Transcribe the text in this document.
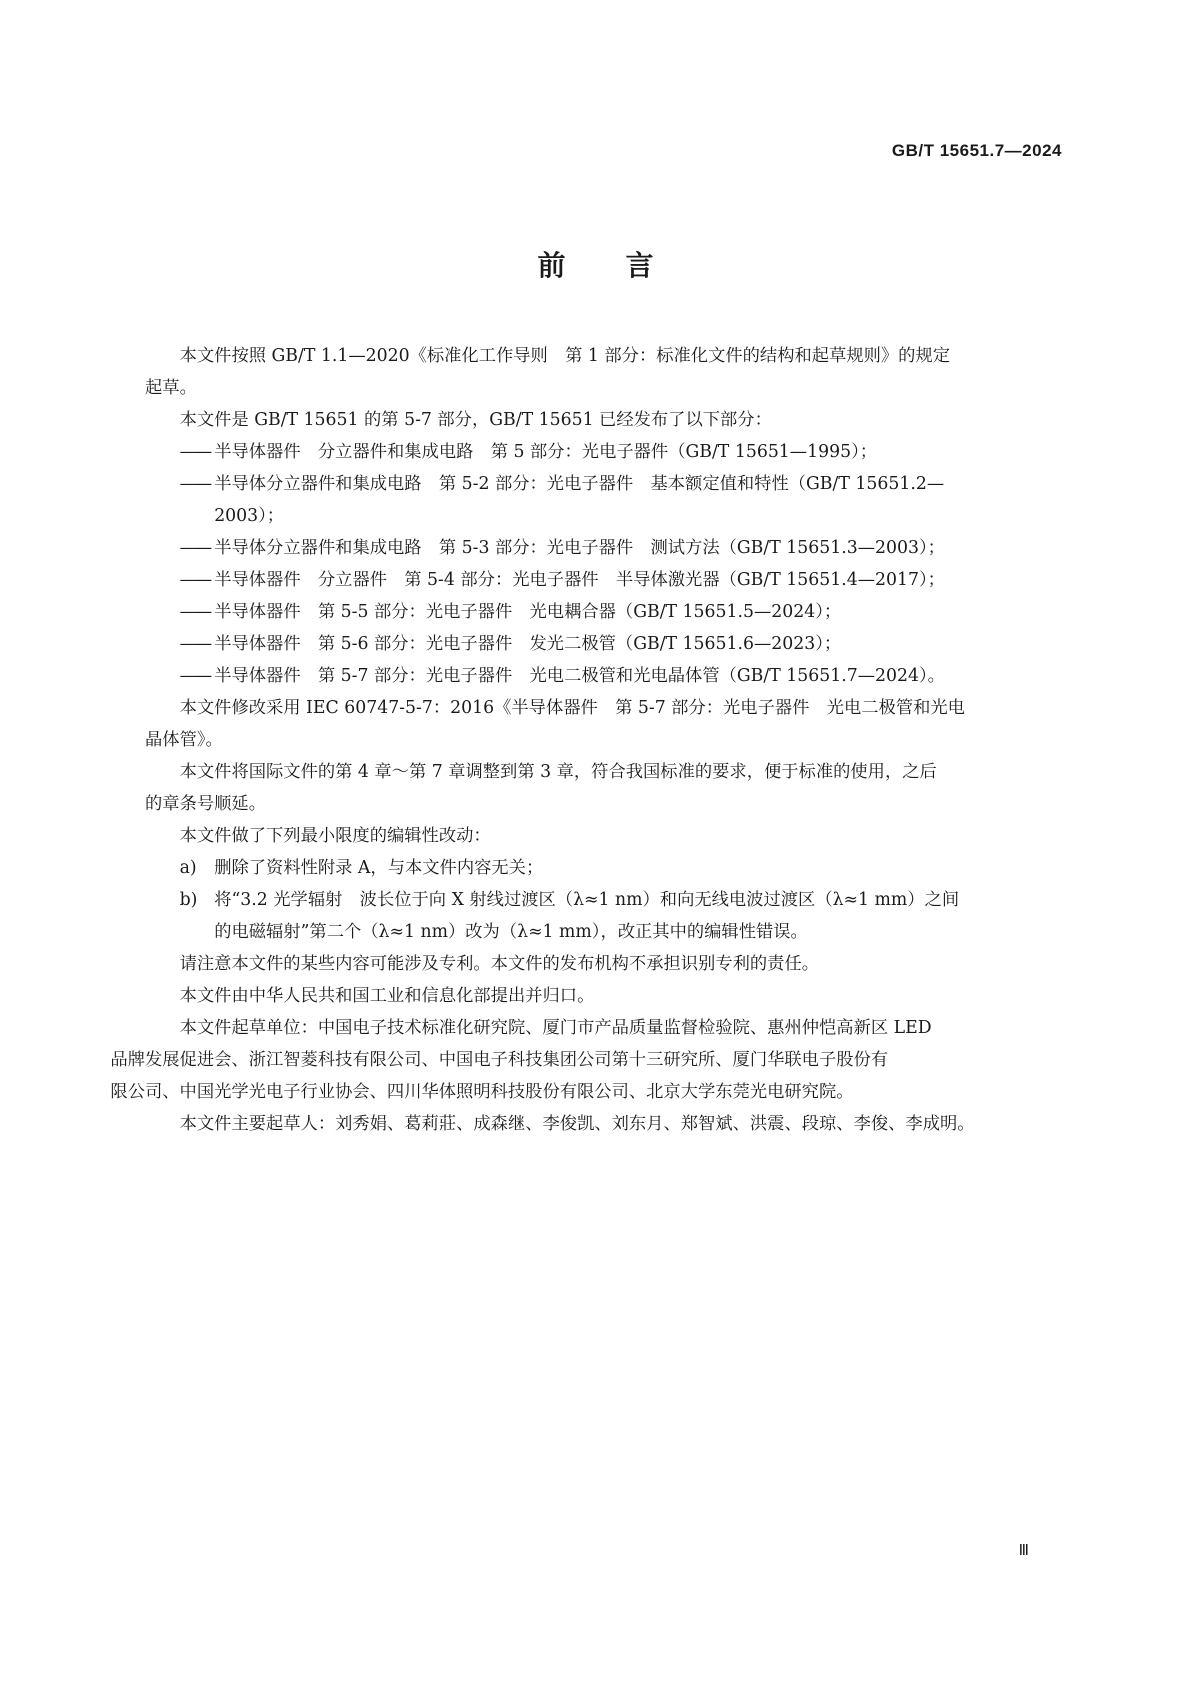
GB/T 15651.7—2024
前言
本文件按照 GB/T 1.1—2020《标准化工作导则　第 1 部分：标准化文件的结构和起草规则》的规定
起草。
本文件是 GB/T 15651 的第 5-7 部分，GB/T 15651 已经发布了以下部分：
—— 半导体器件　分立器件和集成电路　第 5 部分：光电子器件（GB/T 15651—1995）；
—— 半导体分立器件和集成电路　第 5-2 部分：光电子器件　基本额定值和特性（GB/T 15651.2—
2003）；
—— 半导体分立器件和集成电路　第 5-3 部分：光电子器件　测试方法（GB/T 15651.3—2003）；
—— 半导体器件　分立器件　第 5-4 部分：光电子器件　半导体激光器（GB/T 15651.4—2017）；
—— 半导体器件　第 5-5 部分：光电子器件　光电耦合器（GB/T 15651.5—2024）；
—— 半导体器件　第 5-6 部分：光电子器件　发光二极管（GB/T 15651.6—2023）；
—— 半导体器件　第 5-7 部分：光电子器件　光电二极管和光电晶体管（GB/T 15651.7—2024）。
本文件修改采用 IEC 60747-5-7：2016《半导体器件　第 5-7 部分：光电子器件　光电二极管和光电
晶体管》。
本文件将国际文件的第 4 章～第 7 章调整到第 3 章，符合我国标准的要求，便于标准的使用，之后
的章条号顺延。
本文件做了下列最小限度的编辑性改动：
a) 删除了资料性附录 A，与本文件内容无关；
b) 将“3.2 光学辐射　波长位于向 X 射线过渡区（λ≈1 nm）和向无线电波过渡区（λ≈1 mm）之间
的电磁辐射”第二个（λ≈1 nm）改为（λ≈1 mm），改正其中的编辑性错误。
请注意本文件的某些内容可能涉及专利。本文件的发布机构不承担识别专利的责任。
本文件由中华人民共和国工业和信息化部提出并归口。
本文件起草单位：中国电子技术标准化研究院、厦门市产品质量监督检验院、惠州仲恺高新区 LED
品牌发展促进会、浙江智菱科技有限公司、中国电子科技集团公司第十三研究所、厦门华联电子股份有
限公司、中国光学光电子行业协会、四川华体照明科技股份有限公司、北京大学东莞光电研究院。
本文件主要起草人：刘秀娟、葛莉莊、成森继、李俊凯、刘东月、郑智斌、洪震、段琼、李俊、李成明。
Ⅲ
